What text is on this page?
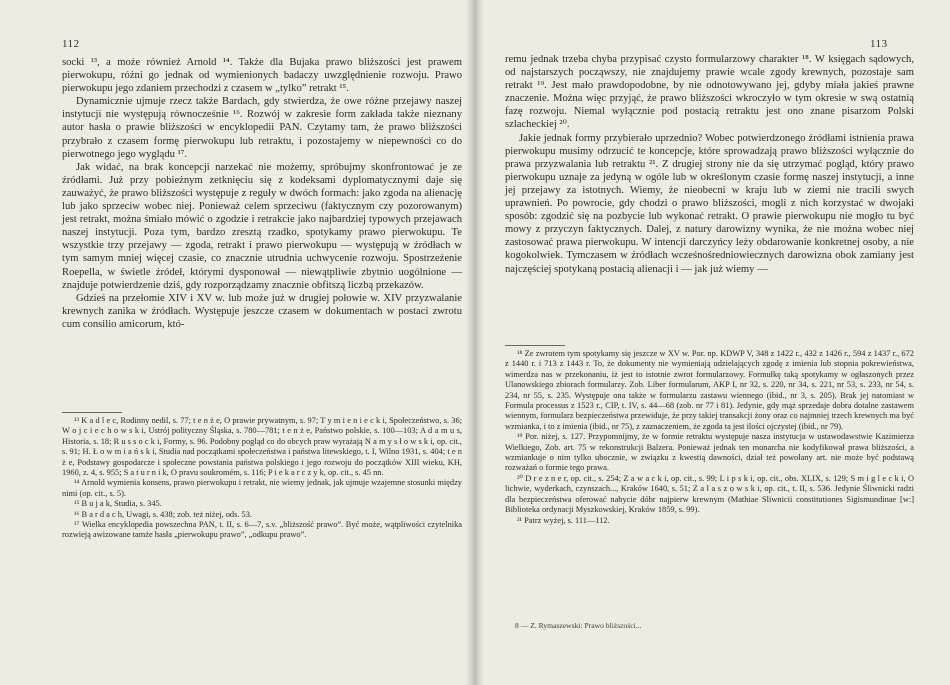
112

socki ¹³, a może również Arnold ¹⁴. Także dla Bujaka prawo bliższości jest prawem pierwokupu, różni go jednak od wymienionych badaczy uwzględnienie rozwoju. Prawo pierwokupu jego zdaniem przechodzi z czasem w „tylko” retrakt ¹⁵.

Dynamicznie ujmuje rzecz także Bardach, gdy stwierdza, że owe różne przejawy naszej instytucji nie występują równocześnie ¹⁶. Rozwój w zakresie form zakłada także nieznany autor hasła o prawie bliższości w encyklopedii PAN. Czytamy tam, że prawo bliższości przybrało z czasem formę pierwokupu lub retraktu, i pozostajemy w niepewności co do pierwotnego jego wyglądu ¹⁷.

Jak widać, na brak koncepcji narzekać nie możemy, spróbujmy skonfrontować je ze źródłami. Już przy pobieżnym zetknięciu się z kodeksami dyplomatycznymi daje się zauważyć, że prawo bliższości występuje z reguły w dwóch formach: jako zgoda na alienację lub jako sprzeciw wobec niej. Ponieważ celem sprzeciwu (faktycznym czy pozorowanym) jest retrakt, można śmiało mówić o zgodzie i retrakcie jako najbardziej typowych przejawach naszej instytucji. Poza tym, bardzo zresztą rzadko, spotykamy prawo pierwokupu. Te wszystkie trzy przejawy — zgoda, retrakt i prawo pierwokupu — występują w źródłach w tym samym mniej więcej czasie, co znacznie utrudnia uchwycenie rozwoju. Spostrzeżenie Roepella, w świetle źródeł, którymi dysponował — niewątpliwie zbytnio uogólnione — znajduje potwierdzenie dziś, gdy rozporządzamy znacznie obfitszą liczbą przekazów.

Gdzieś na przełomie XIV i XV w. lub może już w drugiej połowie w. XIV przyzwalanie krewnych zanika w źródłach. Występuje jeszcze czasem w dokumentach w postaci zwrotu cum consilio amicorum, któ-

¹³ K a d l e c, Rodinny nedil, s. 77; t e n ż e, O prawie prywatnym, s. 97; T y m i e n i e c k i, Społeczeństwo, s. 36; W o j c i e c h o w s k i, Ustrój polityczny Śląska, s. 780—781; t e n ż e, Państwo polskie, s. 100—103; A d a m u s, Historia, s. 18; R u s s o c k i, Formy, s. 96. Podobny pogląd co do obcych praw wyrażają N a m y s ł o w s k i, op. cit., s. 91; H. Ł o w m i a ń s k i, Studia nad początkami społeczeństwa i państwa litewskiego, t. I, Wilno 1931, s. 404; t e n ż e, Podstawy gospodarcze i społeczne powstania państwa polskiego i jego rozwoju do początków XIII wieku, KH, 1960, z. 4, s. 955; S a t u r n i k, O pravu soukromém, s. 116; P i e k a r c z y k, op. cit., s. 45 nn.

¹⁴ Arnold wymienia konsens, prawo pierwokupu i retrakt, nie wiemy jednak, jak ujmuje wzajemne stosunki między nimi (op. cit., s. 5).

¹⁵ B u j a k, Studia, s. 345.

¹⁶ B a r d a c h, Uwagi, s. 438; zob. też niżej, ods. 53.

¹⁷ Wielka encyklopedia powszechna PAN, t. II, s. 6—7, s.v. „bliższość prawo”. Być może, wątpliwości czytelnika rozwieją awizowane tamże hasła „pierwokupu prawo”, „odkupu prawo”.

113

remu jednak trzeba chyba przypisać czysto formularzowy charakter ¹⁸. W księgach sądowych, od najstarszych począwszy, nie znajdujemy prawie wcale zgody krewnych, pozostaje sam retrakt ¹⁹. Jest mało prawdopodobne, by nie odnotowywano jej, gdyby miała jakieś prawne znaczenie. Można więc przyjąć, że prawo bliższości wkroczyło w tym okresie w swą ostatnią fazę rozwoju. Niemal wyłącznie pod postacią retraktu jest ono znane pisarzom Polski szlacheckiej ²⁰.

Jakie jednak formy przybierało uprzednio? Wobec potwierdzonego źródłami istnienia prawa pierwokupu musimy odrzucić te koncepcje, które sprowadzają prawo bliższości wyłącznie do prawa przyzwalania lub retraktu ²¹. Z drugiej strony nie da się utrzymać pogląd, który prawo pierwokupu uznaje za jedyną w ogóle lub w określonym czasie formę naszej instytucji, a inne jej przejawy za istotnych. Wiemy, że nieobecni w kraju lub w ziemi nie tracili swych uprawnień. Po powrocie, gdy chodzi o prawo bliższości, mogli z nich korzystać w dwojaki sposób: zgodzić się na pozbycie lub wykonać retrakt. O prawie pierwokupu nie mogło tu być mowy z przyczyn faktycznych. Dalej, z natury darowizny wynika, że nie można wobec niej zastosować prawa pierwokupu. W intencji darczyńcy leży obdarowanie konkretnej osoby, a nie kogokolwiek. Tymczasem w źródłach wcześnośredniowiecznych darowizna obok zamiany jest najczęściej spotykaną postacią alienacji i — jak już wiemy —

¹⁸ Ze zwrotem tym spotykamy się jeszcze w XV w. Por. np. KDWP V, 348 z 1422 r., 432 z 1426 r., 594 z 1437 r., 672 z 1440 r. i 713 z 1443 r. To, że dokumenty nie wymieniają udzielających zgodę z imienia lub stopnia pokrewieństwa, wimerdza nas w przekonaniu, iż jest to istotnie zwrot formularzowy. Formułkę taką spotykamy w ogłaszonych przez Ulanowskiego zbiorach formularzy. Zob. Liber formularum, AKP I, nr 32, s. 220, nr 34, s. 221, nr 53, s. 233, nr 54, s. 234, nr 55, s. 235. Występuje ona także w formularzu zastawu wiennego (ibid., nr 3, s. 205). Brak jej natomiast w Formula processus z 1523 r., CIP, t. IV, s. 44—68 (zob. nr 77 i 81). Jedynie, gdy mąż sprzedaje dobra dotalne zastawem wiennym, formularz bezpieczeństwa przewiduje, że przy takiej transakcji żony oraz co najmniej trzech krewnych ma być wzmianka, i to z imienia (ibid., nr 75), z zaznaczeniem, że zgoda ta jest ilości ojczystej (ibid., nr 79).

¹⁹ Por. niżej, s. 127. Przypomnijmy, że w formie retraktu występuje nasza instytucja w ustawodawstwie Kazimierza Wielkiego, Zob. art. 75 w rekonstrukcji Balzera. Ponieważ jednak ten monarcha nie kodyfikował prawa bliższości, a wzmiankuje o nim tylko ubocznie, w związku z kwestią dawności, dział też powołany art. nie może być podstawą rozważań o formie tego prawa.

²⁰ D r e z n e r, op. cit., s. 254; Z a w a c k i, op. cit., s. 99; L i p s k i, op. cit., obs. XLIX, s. 129; S m i g l e c k i, O lichwie, wyderkach, czynszach..., Kraków 1640, s. 51; Z a l a s z o w s k i, op. cit., t. II, s. 536. Jedynie Śliwnicki radzi dla bezpieczeństwa oferować nabycie dóbr najpierw krewnym (Mathiae Sliwnicii constitutiones Sigismundinae [w:] Biblioteka ordynacji Myszkowskiej, Kraków 1859, s. 99).

²¹ Patrz wyżej, s. 111—112.

8 — Z. Rymaszewski: Prawo bliższości...
